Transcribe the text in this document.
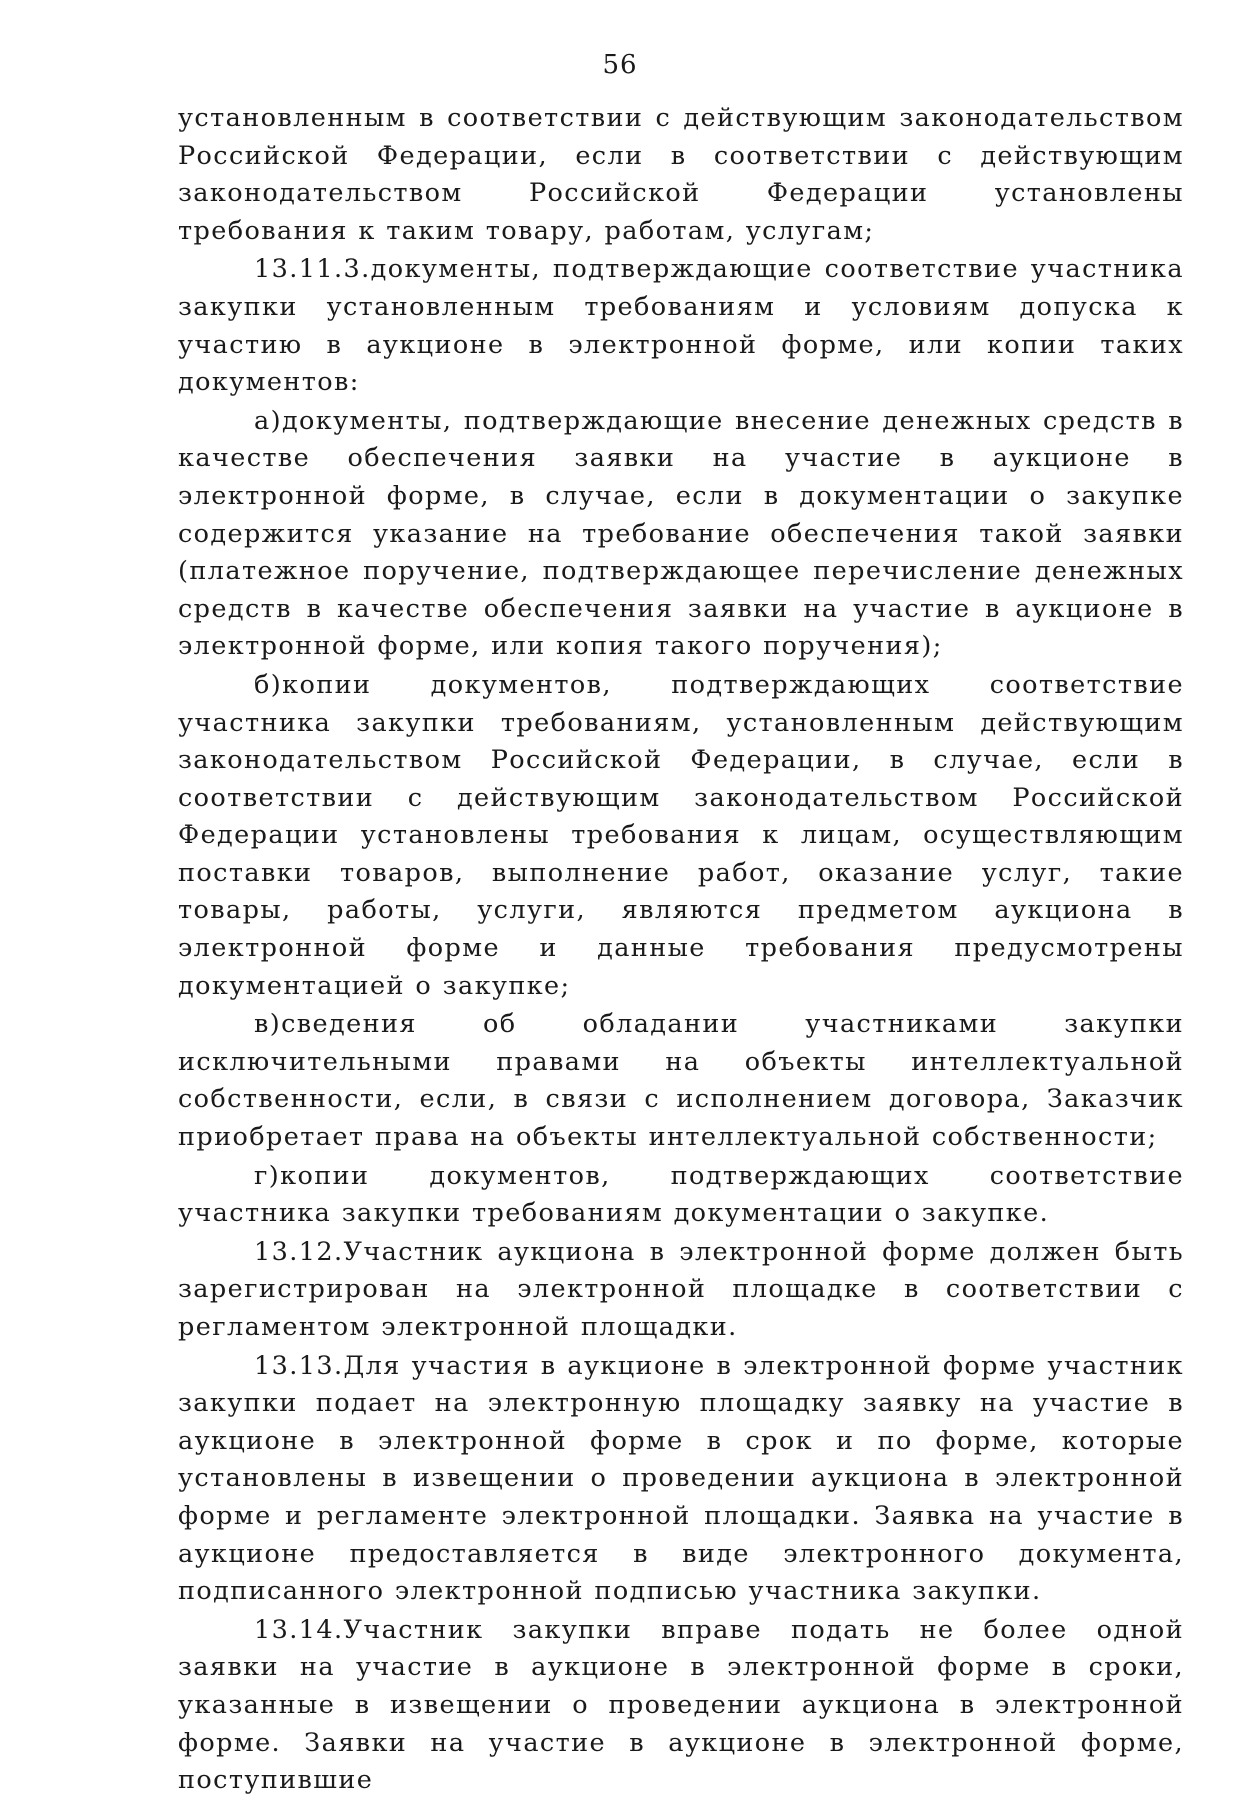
56

установленным в соответствии с действующим законодательством Российской Федерации, если в соответствии с действующим законодательством Российской Федерации установлены требования к таким товару, работам, услугам;

13.11.3.документы, подтверждающие соответствие участника закупки установленным требованиям и условиям допуска к участию в аукционе в электронной форме, или копии таких документов:

а)документы, подтверждающие внесение денежных средств в качестве обеспечения заявки на участие в аукционе в электронной форме, в случае, если в документации о закупке содержится указание на требование обеспечения такой заявки (платежное поручение, подтверждающее перечисление денежных средств в качестве обеспечения заявки на участие в аукционе в электронной форме, или копия такого поручения);

б)копии документов, подтверждающих соответствие участника закупки требованиям, установленным действующим законодательством Российской Федерации, в случае, если в соответствии с действующим законодательством Российской Федерации установлены требования к лицам, осуществляющим поставки товаров, выполнение работ, оказание услуг, такие товары, работы, услуги, являются предметом аукциона в электронной форме и данные требования предусмотрены документацией о закупке;

в)сведения об обладании участниками закупки исключительными правами на объекты интеллектуальной собственности, если, в связи с исполнением договора, Заказчик приобретает права на объекты интеллектуальной собственности;

г)копии документов, подтверждающих соответствие участника закупки требованиям документации о закупке.

13.12.Участник аукциона в электронной форме должен быть зарегистрирован на электронной площадке в соответствии с регламентом электронной площадки.

13.13.Для участия в аукционе в электронной форме участник закупки подает на электронную площадку заявку на участие в аукционе в электронной форме в срок и по форме, которые установлены в извещении о проведении аукциона в электронной форме и регламенте электронной площадки. Заявка на участие в аукционе предоставляется в виде электронного документа, подписанного электронной подписью участника закупки.

13.14.Участник закупки вправе подать не более одной заявки на участие в аукционе в электронной форме в сроки, указанные в извещении о проведении аукциона в электронной форме. Заявки на участие в аукционе в электронной форме, поступившие
